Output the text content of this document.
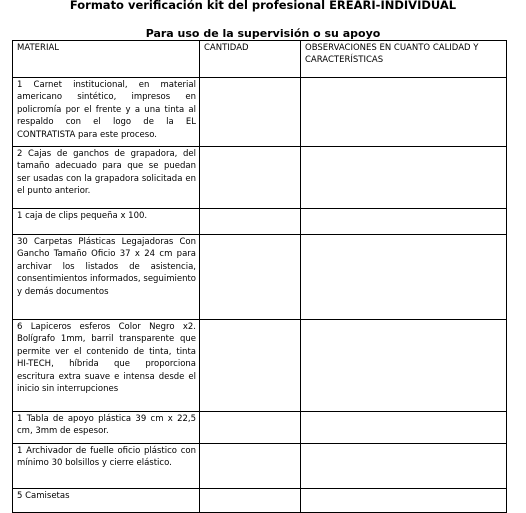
Formato verificación kit del profesional EREARI-INDIVIDUAL
Para uso de la supervisión o su apoyo
MATERIAL	CANTIDAD	OBSERVACIONES EN CUANTO CALIDAD Y CARACTERÍSTICAS
1 Carnet institucional, en material americano sintético, impresos en policromía por el frente y a una tinta al respaldo con el logo de la EL CONTRATISTA para este proceso.		
2 Cajas de ganchos de grapadora, del tamaño adecuado para que se puedan ser usadas con la grapadora solicitada en el punto anterior.		
1 caja de clips pequeña x 100.		
30 Carpetas Plásticas Legajadoras Con Gancho Tamaño Oficio 37 x 24 cm para archivar los listados de asistencia, consentimientos informados, seguimiento y demás documentos		
6 Lapiceros esferos Color Negro x2. Bolígrafo 1mm, barril transparente que permite ver el contenido de tinta, tinta HI-TECH, híbrida que proporciona escritura extra suave e intensa desde el inicio sin interrupciones		
1 Tabla de apoyo plástica 39 cm x 22,5 cm, 3mm de espesor.		
1 Archivador de fuelle oficio plástico con mínimo 30 bolsillos y cierre elástico.		
5 Camisetas		
